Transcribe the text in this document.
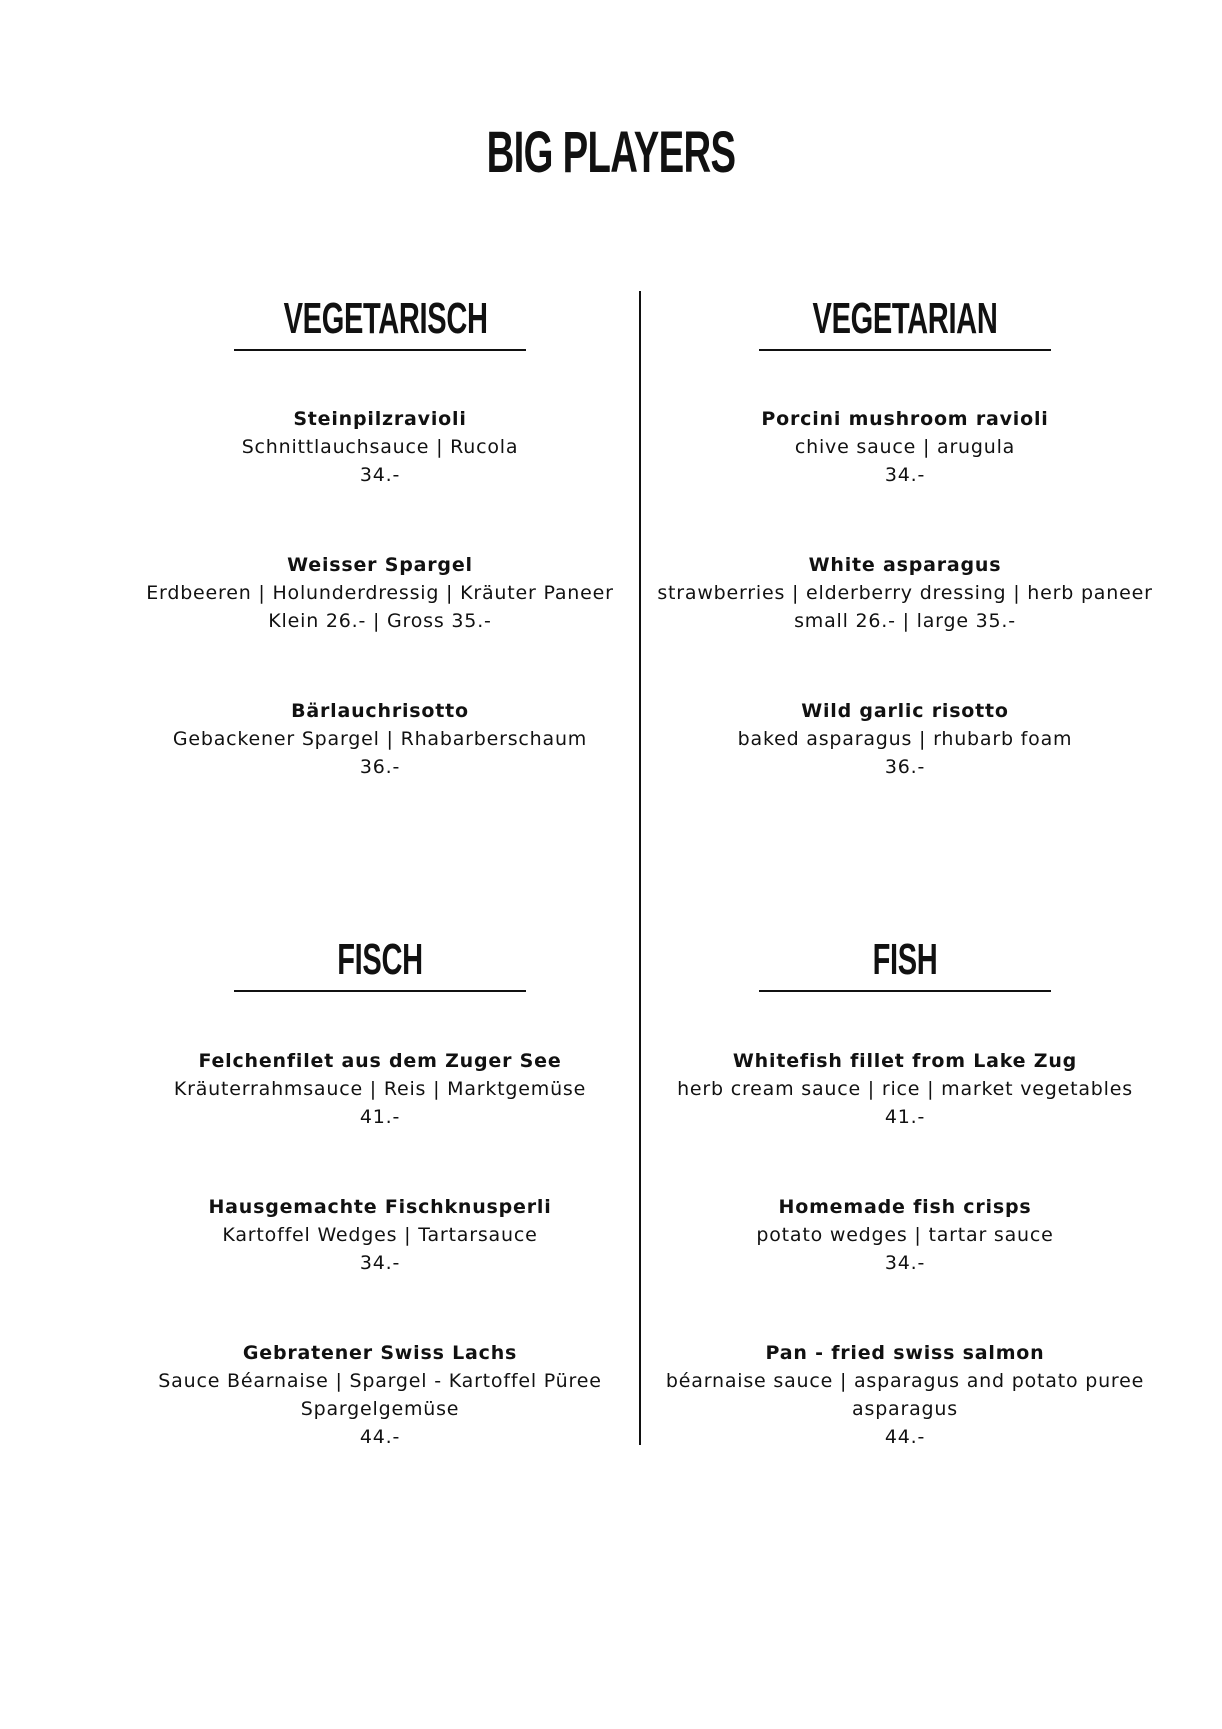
BIG PLAYERS
VEGETARISCH	VEGETARIAN
Steinpilzravioli
Schnittlauchsauce | Rucola
34.-
Porcini mushroom ravioli
chive sauce | arugula
34.-
Weisser Spargel
Erdbeeren | Holunderdressig | Kräuter Paneer
Klein 26.- | Gross 35.-
White asparagus
strawberries | elderberry dressing | herb paneer
small 26.- | large 35.-
Bärlauchrisotto
Gebackener Spargel | Rhabarberschaum
36.-
Wild garlic risotto
baked asparagus | rhubarb foam
36.-
FISCH	FISH
Felchenfilet aus dem Zuger See
Kräuterrahmsauce | Reis | Marktgemüse
41.-
Whitefish fillet from Lake Zug
herb cream sauce | rice | market vegetables
41.-
Hausgemachte Fischknusperli
Kartoffel Wedges | Tartarsauce
34.-
Homemade fish crisps
potato wedges | tartar sauce
34.-
Gebratener Swiss Lachs
Sauce Béarnaise | Spargel - Kartoffel Püree
Spargelgemüse
44.-
Pan - fried swiss salmon
béarnaise sauce | asparagus and potato puree
asparagus
44.-
